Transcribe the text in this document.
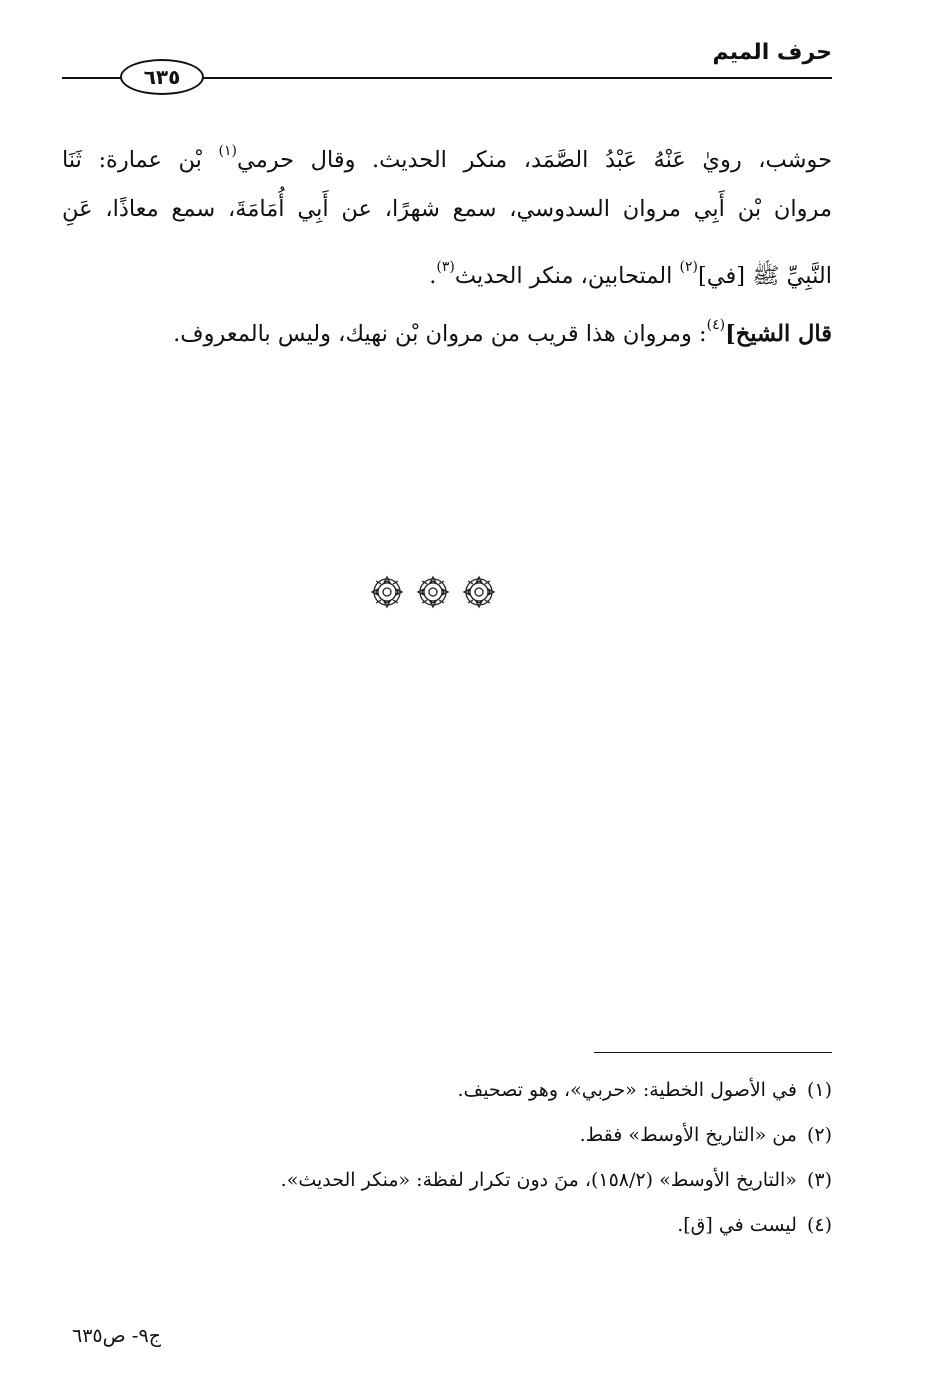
حرف الميم
٦٣٥
حوشب، رويٰ عَنْهُ عَبْدُ الصَّمَد، منكر الحديث. وقال حرمي$^{(١)}$ بْن عمارة: ثَنَا
مروان بْن أَبِي مروان السدوسي، سمع شهرًا، عن أَبِي أُمَامَةَ، سمع معاذًا، عَنِ
النَّبِيِّ ﷺ [في]$^{(٢)}$ المتحابين، منكر الحديث$^{(٣)}$.
قال الشيخ]$^{(٤)}$: ومروان هذا قريب من مروان بْن نهيك، وليس بالمعروف.
(١)في الأصول الخطية: «حربي»، وهو تصحيف.
(٢)من «التاريخ الأوسط» فقط.
(٣)«التاريخ الأوسط» (١٥٨/٢)، منَ دون تكرار لفظة: «منكر الحديث».
(٤)ليست في [ق].
ج٩- ص٦٣٥
